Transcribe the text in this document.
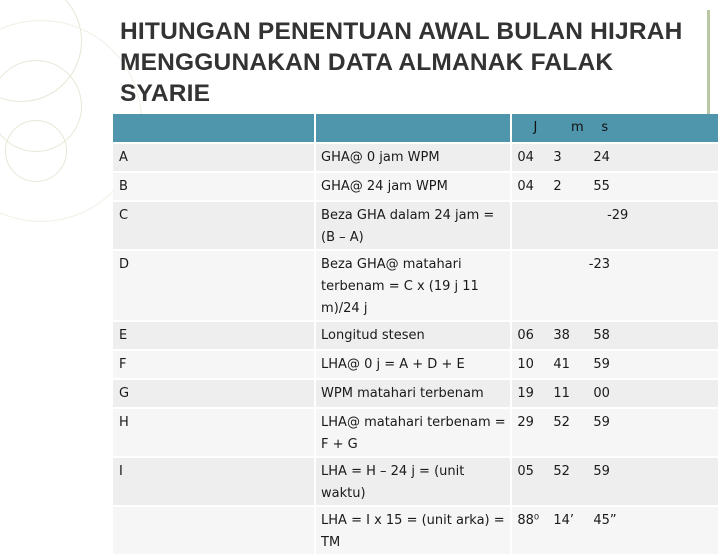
HITUNGAN PENENTUAN AWAL BULAN HIJRAH MENGGUNAKAN DATA ALMANAK FALAK SYARIE

		J m s

A	GHA@ 0 jam WPM	04 3 24

B	GHA@ 24 jam WPM	04 2 55

C	Beza GHA dalam 24 jam = (B – A)	-29
D	Beza GHA@ matahari terbenam = C x (19 j 11 m)/24 j	-23
E	Longitud stesen	06 38 58

F	LHA@ 0 j = A + D + E	10 41 59

G	WPM matahari terbenam	19 11 00

H	LHA@ matahari terbenam = F + G	29 52 59

I	LHA = H – 24 j = (unit waktu)	05 52 59

	LHA = I x 15 = (unit arka) = TM	88⁰ 14’ 45”
